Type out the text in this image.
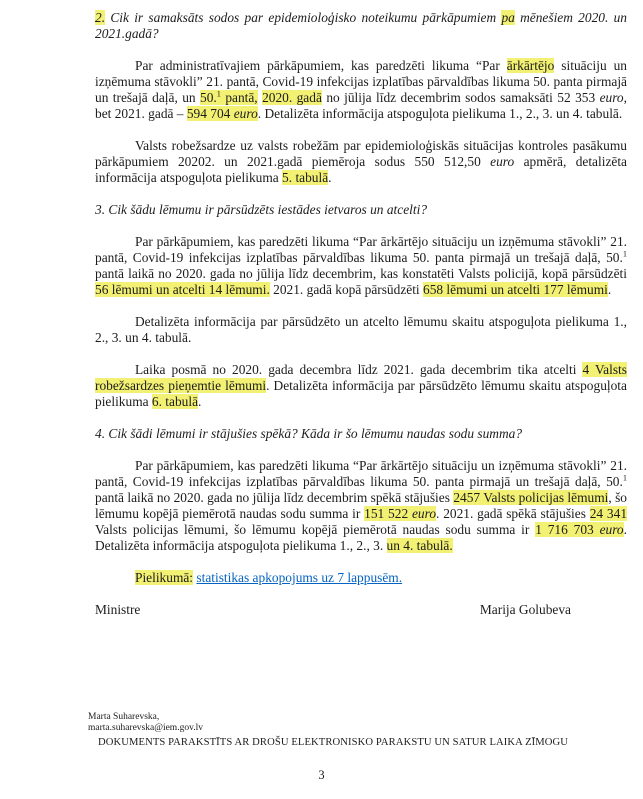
2. Cik ir samaksāts sodos par epidemioloģisko noteikumu pārkāpumiem pa mēnešiem 2020. un 2021.gadā?

Par administratīvajiem pārkāpumiem, kas paredzēti likuma “Par ārkārtējo situāciju un izņēmuma stāvokli” 21. pantā, Covid-19 infekcijas izplatības pārvaldības likuma 50. panta pirmajā un trešajā daļā, un 50.$^1$ pantā, 2020. gadā no jūlija līdz decembrim sodos samaksāti 52 353 euro, bet 2021. gadā – 594 704 euro. Detalizēta informācija atspoguļota pielikuma 1., 2., 3. un 4. tabulā.

Valsts robežsardze uz valsts robežām par epidemioloģiskās situācijas kontroles pasākumu pārkāpumiem 20202. un 2021.gadā piemēroja sodus 550 512,50 euro apmērā, detalizēta informācija atspoguļota pielikuma 5. tabulā.

3. Cik šādu lēmumu ir pārsūdzēts iestādes ietvaros un atcelti?

Par pārkāpumiem, kas paredzēti likuma “Par ārkārtējo situāciju un izņēmuma stāvokli” 21. pantā, Covid-19 infekcijas izplatības pārvaldības likuma 50. panta pirmajā un trešajā daļā, 50.$^1$ pantā laikā no 2020. gada no jūlija līdz decembrim, kas konstatēti Valsts policijā, kopā pārsūdzēti 56 lēmumi un atcelti 14 lēmumi. 2021. gadā kopā pārsūdzēti 658 lēmumi un atcelti 177 lēmumi.

Detalizēta informācija par pārsūdzēto un atcelto lēmumu skaitu atspoguļota pielikuma 1., 2., 3. un 4. tabulā.

Laika posmā no 2020. gada decembra līdz 2021. gada decembrim tika atcelti 4 Valsts robežsardzes pieņemtie lēmumi. Detalizēta informācija par pārsūdzēto lēmumu skaitu atspoguļota pielikuma 6. tabulā.

4. Cik šādi lēmumi ir stājušies spēkā? Kāda ir šo lēmumu naudas sodu summa?

Par pārkāpumiem, kas paredzēti likuma “Par ārkārtējo situāciju un izņēmuma stāvokli” 21. pantā, Covid-19 infekcijas izplatības pārvaldības likuma 50. panta pirmajā un trešajā daļā, 50.$^1$ pantā laikā no 2020. gada no jūlija līdz decembrim spēkā stājušies 2457 Valsts policijas lēmumi, šo lēmumu kopējā piemērotā naudas sodu summa ir 151 522 euro. 2021. gadā spēkā stājušies 24 341 Valsts policijas lēmumi, šo lēmumu kopējā piemērotā naudas sodu summa ir 1 716 703 euro. Detalizēta informācija atspoguļota pielikuma 1., 2., 3. un 4. tabulā.

Pielikumā: statistikas apkopojums uz 7 lappusēm.

Ministre	Marija Golubeva
Marta Suharevska,
marta.suharevska@iem.gov.lv
DOKUMENTS PARAKSTĪTS AR DROŠU ELEKTRONISKO PARAKSTU UN SATUR LAIKA ZĪMOGU
3
